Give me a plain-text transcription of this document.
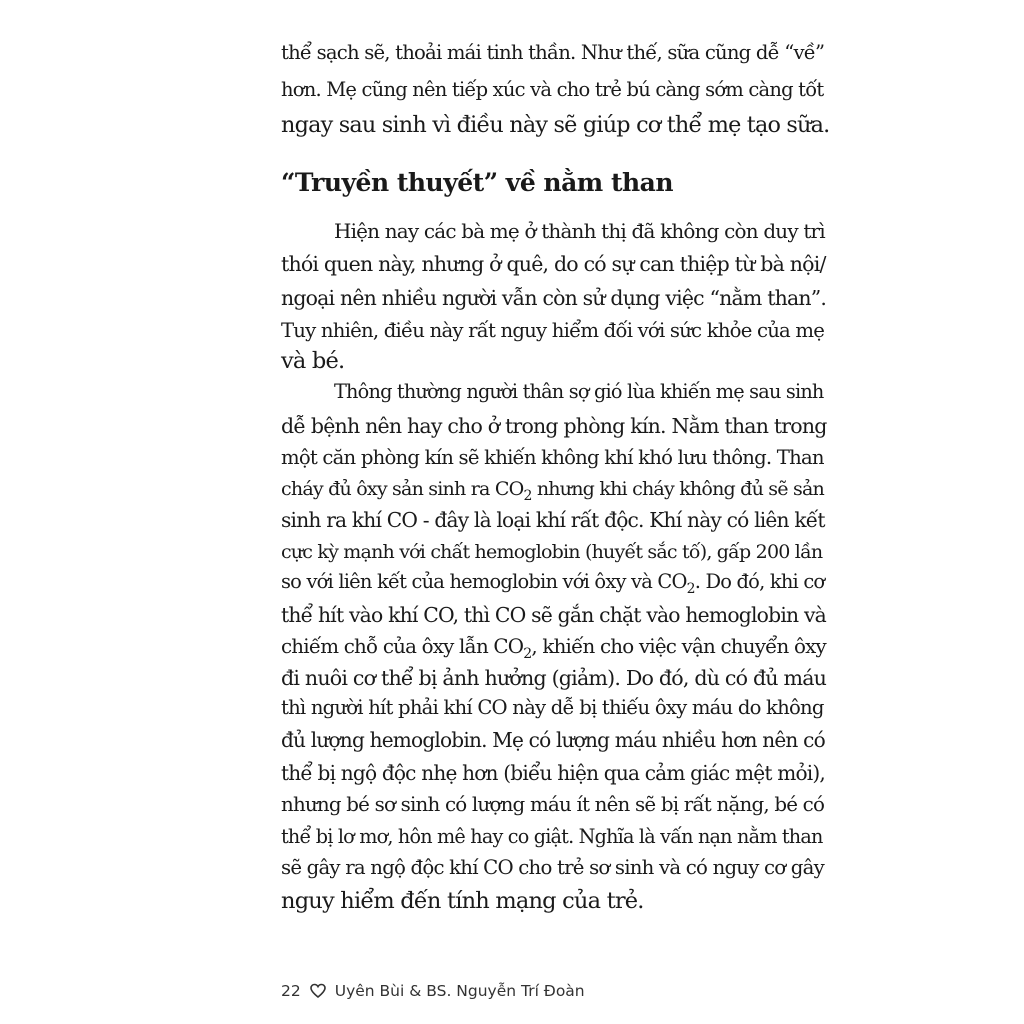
thể sạch sẽ, thoải mái tinh thần. Như thế, sữa cũng dễ “về”
hơn. Mẹ cũng nên tiếp xúc và cho trẻ bú càng sớm càng tốt
ngay sau sinh vì điều này sẽ giúp cơ thể mẹ tạo sữa.
“Truyền thuyết” về nằm than
Hiện nay các bà mẹ ở thành thị đã không còn duy trì
thói quen này, nhưng ở quê, do có sự can thiệp từ bà nội/
ngoại nên nhiều người vẫn còn sử dụng việc “nằm than”.
Tuy nhiên, điều này rất nguy hiểm đối với sức khỏe của mẹ
và bé.
Thông thường người thân sợ gió lùa khiến mẹ sau sinh
dễ bệnh nên hay cho ở trong phòng kín. Nằm than trong
một căn phòng kín sẽ khiến không khí khó lưu thông. Than
cháy đủ ôxy sản sinh ra $CO_2$ nhưng khi cháy không đủ sẽ sản
sinh ra khí CO - đây là loại khí rất độc. Khí này có liên kết
cực kỳ mạnh với chất hemoglobin (huyết sắc tố), gấp 200 lần
so với liên kết của hemoglobin với ôxy và $CO_2$. Do đó, khi cơ
thể hít vào khí CO, thì CO sẽ gắn chặt vào hemoglobin và
chiếm chỗ của ôxy lẫn $CO_2$, khiến cho việc vận chuyển ôxy
đi nuôi cơ thể bị ảnh hưởng (giảm). Do đó, dù có đủ máu
thì người hít phải khí CO này dễ bị thiếu ôxy máu do không
đủ lượng hemoglobin. Mẹ có lượng máu nhiều hơn nên có
thể bị ngộ độc nhẹ hơn (biểu hiện qua cảm giác mệt mỏi),
nhưng bé sơ sinh có lượng máu ít nên sẽ bị rất nặng, bé có
thể bị lơ mơ, hôn mê hay co giật. Nghĩa là vấn nạn nằm than
sẽ gây ra ngộ độc khí CO cho trẻ sơ sinh và có nguy cơ gây
nguy hiểm đến tính mạng của trẻ.
22 Uyên Bùi & BS. Nguyễn Trí Đoàn
